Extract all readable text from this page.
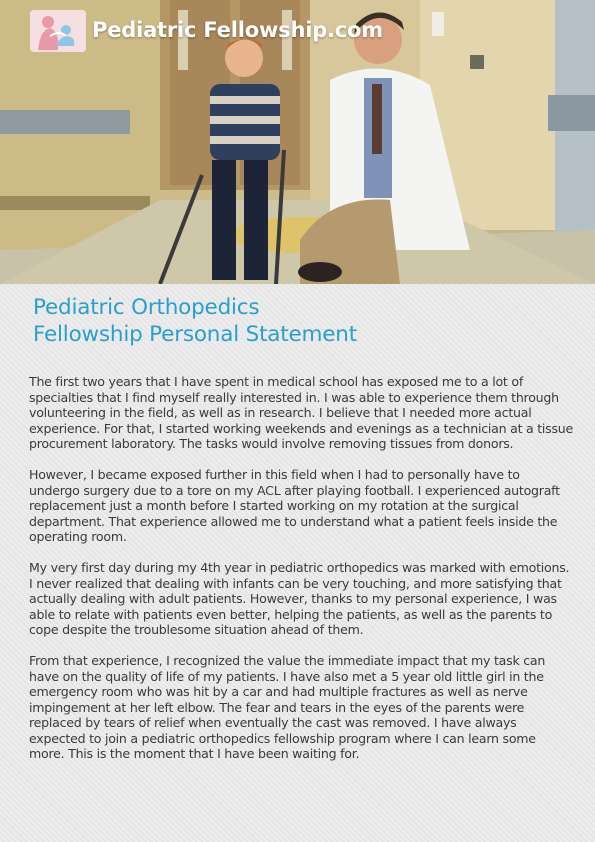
Pediatric Fellowship.com
Pediatric Orthopedics
Fellowship Personal Statement

The first two years that I have spent in medical school has exposed me to a lot of specialties that I find myself really interested in. I was able to experience them through volunteering in the field, as well as in research. I believe that I needed more actual experience. For that, I started working weekends and evenings as a technician at a tissue procurement laboratory. The tasks would involve removing tissues from donors.

However, I became exposed further in this field when I had to personally have to undergo surgery due to a tore on my ACL after playing football. I experienced autograft replacement just a month before I started working on my rotation at the surgical department. That experience allowed me to understand what a patient feels inside the operating room.

My very first day during my 4th year in pediatric orthopedics was marked with emotions. I never realized that dealing with infants can be very touching, and more satisfying that actually dealing with adult patients. However, thanks to my personal experience, I was able to relate with patients even better, helping the patients, as well as the parents to cope despite the troublesome situation ahead of them.

From that experience, I recognized the value the immediate impact that my task can have on the quality of life of my patients. I have also met a 5 year old little girl in the emergency room who was hit by a car and had multiple fractures as well as nerve impingement at her left elbow. The fear and tears in the eyes of the parents were replaced by tears of relief when eventually the cast was removed. I have always expected to join a pediatric orthopedics fellowship program where I can learn some more. This is the moment that I have been waiting for.
